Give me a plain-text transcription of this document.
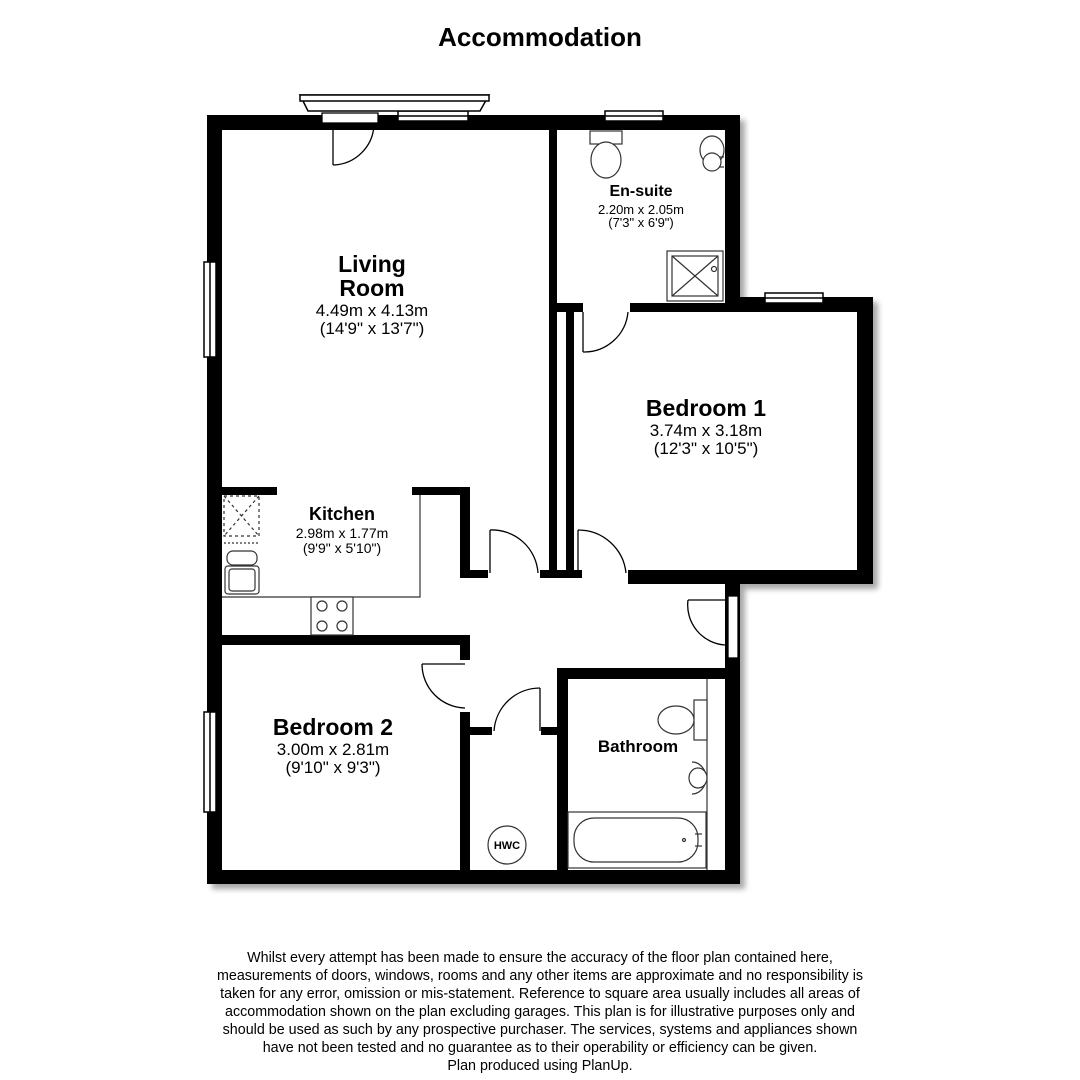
Accommodation
HWC
Living
Room
4.49m x 4.13m
(14'9" x 13'7")
En-suite
2.20m x 2.05m
(7'3" x 6'9")
Bedroom 1
3.74m x 3.18m
(12'3" x 10'5")
Kitchen
2.98m x 1.77m
(9'9" x 5'10")
Bedroom 2
3.00m x 2.81m
(9'10" x 9'3")
Bathroom
Whilst every attempt has been made to ensure the accuracy of the floor plan contained here,
measurements of doors, windows, rooms and any other items are approximate and no responsibility is
taken for any error, omission or mis-statement. Reference to square area usually includes all areas of
accommodation shown on the plan excluding garages. This plan is for illustrative purposes only and
should be used as such by any prospective purchaser. The services, systems and appliances shown
have not been tested and no guarantee as to their operability or efficiency can be given.
Plan produced using PlanUp.
